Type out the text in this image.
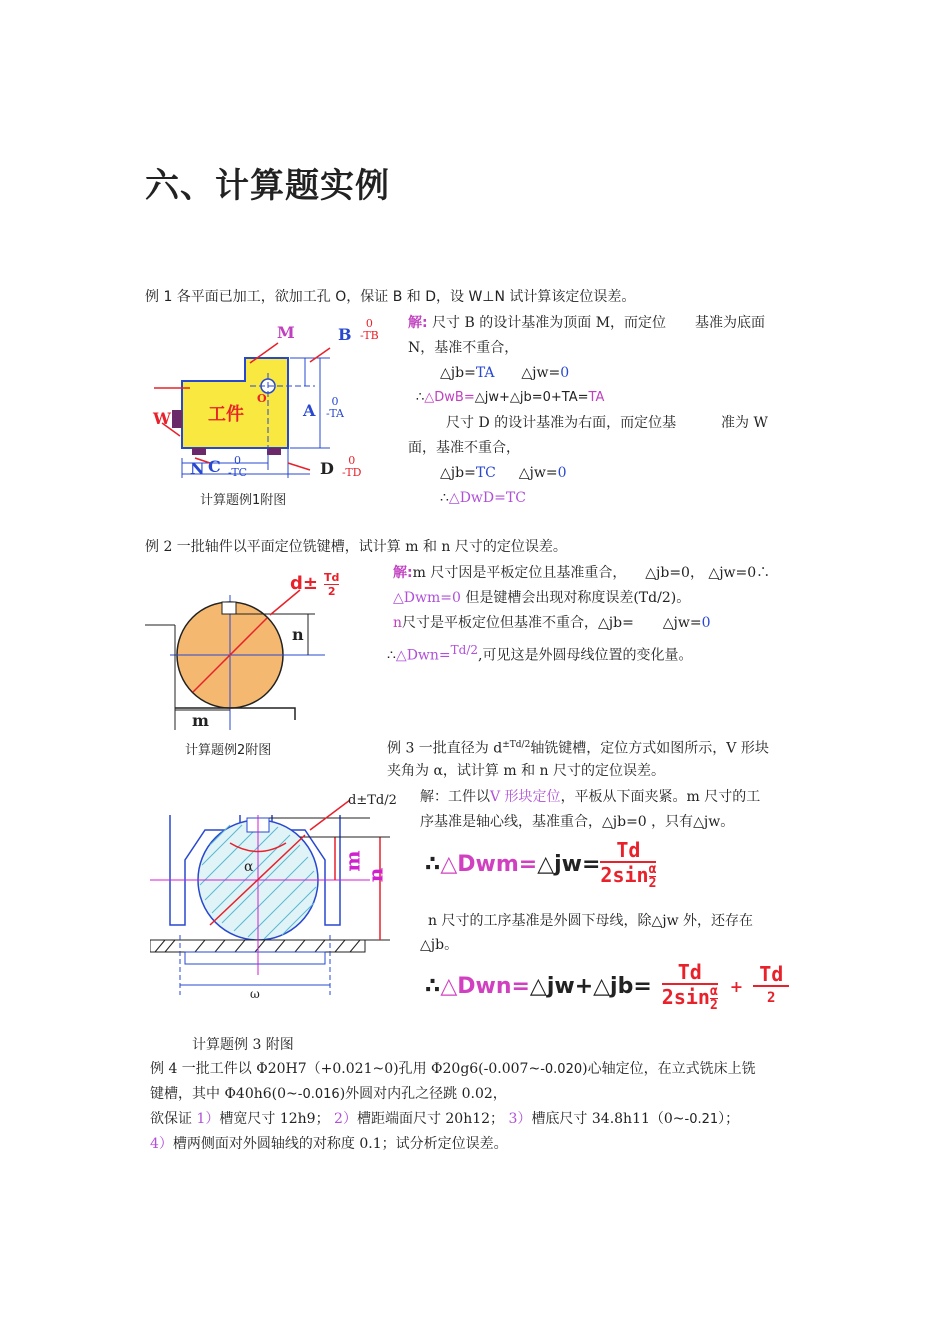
六、计算题实例
例 1 各平面已加工，欲加工孔 O，保证 B 和 D，设 W⊥N 试计算该定位误差。
工件
M	B
0
-TB
A	0
-TA
W
N C	0
-TC	D	0
-TD
O
计算题例1附图
解: 尺寸 B 的设计基准为顶面 M，而定位 基准为底面
N，基准不重合，
△jb=TA △jw=0
∴△DwB=△jw+△jb=0+TA=TA
尺寸 D 的设计基准为右面，而定位基	准为 W
面，基准不重合，
△jb=TC △jw=0
∴△DwD=TC
例 2 一批轴件以平面定位铣键槽，试计算 m 和 n 尺寸的定位误差。
d± Td
2
n
m
计算题例2附图
解:m 尺寸因是平板定位且基准重合， △jb=0， △jw=0∴
△Dwm=0 但是键槽会出现对称度误差(Td/2)。
n尺寸是平板定位但基准不重合，△jb= △jw=0
∴△Dwn=$^{Td/2}$,可见这是外圆母线位置的变化量。
例 3 一批直径为 $d^{\pm Td/2}$轴铣键槽，定位方式如图所示，V 形块
夹角为 α，试计算 m 和 n 尺寸的定位误差。
d±Td/2
m
n
α
ω
计算题例 3 附图
解：工件以V 形块定位，平板从下面夹紧。m 尺寸的工
序基准是轴心线，基准重合，△jb=0 ，只有△jw。
∴ △Dwm= △jw= $\frac{Td}{2\sin \frac{\alpha}{2}}$
n 尺寸的工序基准是外圆下母线，除△jw 外，还存在
△jb。
∴ △Dwn= △jw+△jb= $\frac{Td}{2\sin \frac{\alpha}{2}} + \frac{Td}{2}$
例 4 一批工件以 Φ20H7（+0.021~0)孔用 Φ20g6(-0.007~-0.020)心轴定位，在立式铣床上铣
键槽，其中 Φ40h6(0~-0.016)外圆对内孔之径跳 0.02，
欲保证 1）槽宽尺寸 12h9； 2）槽距端面尺寸 20h12； 3）槽底尺寸 34.8h11（0~-0.21）；
4）槽两侧面对外圆轴线的对称度 0.1；试分析定位误差。
